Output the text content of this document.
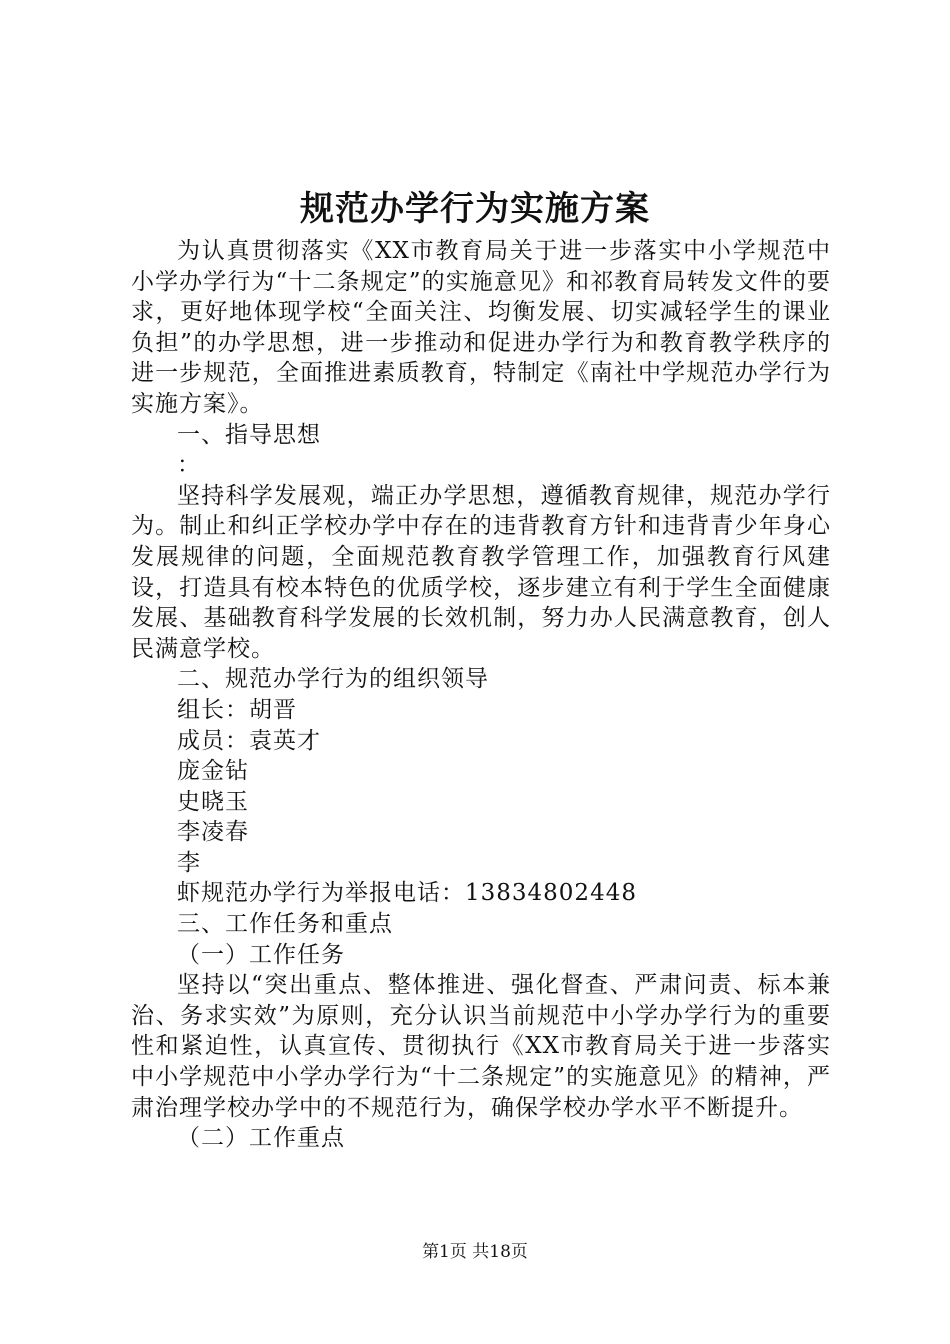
规范办学行为实施方案

为认真贯彻落实《XX市教育局关于进一步落实中小学规范中小学办学行为“十二条规定”的实施意见》和祁教育局转发文件的要求，更好地体现学校“全面关注、均衡发展、切实减轻学生的课业负担”的办学思想，进一步推动和促进办学行为和教育教学秩序的进一步规范，全面推进素质教育，特制定《南社中学规范办学行为实施方案》。

一、指导思想

：

坚持科学发展观，端正办学思想，遵循教育规律，规范办学行为。制止和纠正学校办学中存在的违背教育方针和违背青少年身心发展规律的问题，全面规范教育教学管理工作，加强教育行风建设，打造具有校本特色的优质学校，逐步建立有利于学生全面健康发展、基础教育科学发展的长效机制，努力办人民满意教育，创人民满意学校。

二、规范办学行为的组织领导

组长：胡晋

成员：袁英才

庞金钻

史晓玉

李凌春

李

虾规范办学行为举报电话：13834802448

三、工作任务和重点

（一）工作任务

坚持以“突出重点、整体推进、强化督查、严肃问责、标本兼治、务求实效”为原则，充分认识当前规范中小学办学行为的重要性和紧迫性，认真宣传、贯彻执行《XX市教育局关于进一步落实中小学规范中小学办学行为“十二条规定”的实施意见》的精神，严肃治理学校办学中的不规范行为，确保学校办学水平不断提升。

（二）工作重点

第1页 共18页
